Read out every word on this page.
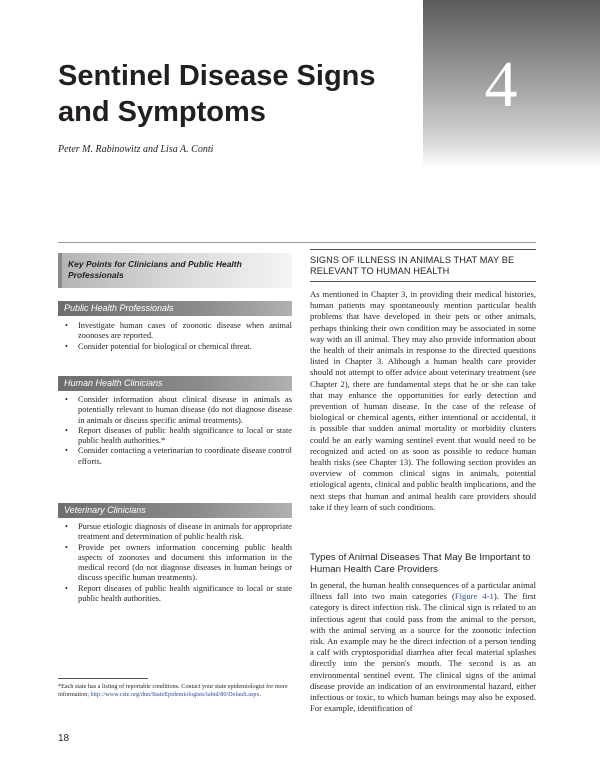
4
Sentinel Disease Signs
and Symptoms
Peter M. Rabinowitz and Lisa A. Conti
Key Points for Clinicians and Public Health
Professionals
Public Health Professionals
• Investigate human cases of zoonotic disease when animal zoonoses are reported.
• Consider potential for biological or chemical threat.
Human Health Clinicians
• Consider information about clinical disease in animals as potentially relevant to human disease (do not diagnose disease in animals or discuss specific animal treatments).
• Report diseases of public health significance to local or state public health authorities.*
• Consider contacting a veterinarian to coordinate disease control efforts.
Veterinary Clinicians
• Pursue etiologic diagnosis of disease in animals for appropriate treatment and determination of public health risk.
• Provide pet owners information concerning public health aspects of zoonoses and document this information in the medical record (do not diagnose diseases in human beings or discuss specific human treatments).
• Report diseases of public health significance to local or state public health authorities.
*Each state has a listing of reportable conditions. Contact your state epidemiologist for more information; http://www.cste.org/dnn/StateEpidemiologists/tabid/80/Default.aspx.
18
SIGNS OF ILLNESS IN ANIMALS THAT MAY BE RELEVANT TO HUMAN HEALTH

As mentioned in Chapter 3, in providing their medical histories, human patients may spontaneously mention particular health problems that have developed in their pets or other animals, perhaps thinking their own condition may be associated in some way with an ill animal. They may also provide information about the health of their animals in response to the directed questions listed in Chapter 3. Although a human health care provider should not attempt to offer advice about veterinary treatment (see Chapter 2), there are fundamental steps that he or she can take that may enhance the opportunities for early detection and prevention of human disease. In the case of the release of biological or chemical agents, either intentional or accidental, it is possible that sudden animal mortality or morbidity clusters could be an early warning sentinel event that would need to be recognized and acted on as soon as possible to reduce human health risks (see Chapter 13). The following section provides an overview of common clinical signs in animals, potential etiological agents, clinical and public health implications, and the next steps that human and animal health care providers should take if they learn of such conditions.

Types of Animal Diseases That May Be Important to Human Health Care Providers

In general, the human health consequences of a particular animal illness fall into two main categories (Figure 4-1). The first category is direct infection risk. The clinical sign is related to an infectious agent that could pass from the animal to the person, with the animal serving as a source for the zoonotic infection risk. An example may be the direct infection of a person tending a calf with cryptosporidial diarrhea after fecal material splashes directly into the person's mouth. The second is as an environmental sentinel event. The clinical signs of the animal disease provide an indication of an environmental hazard, either infectious or toxic, to which human beings may also be exposed. For example, identification of
